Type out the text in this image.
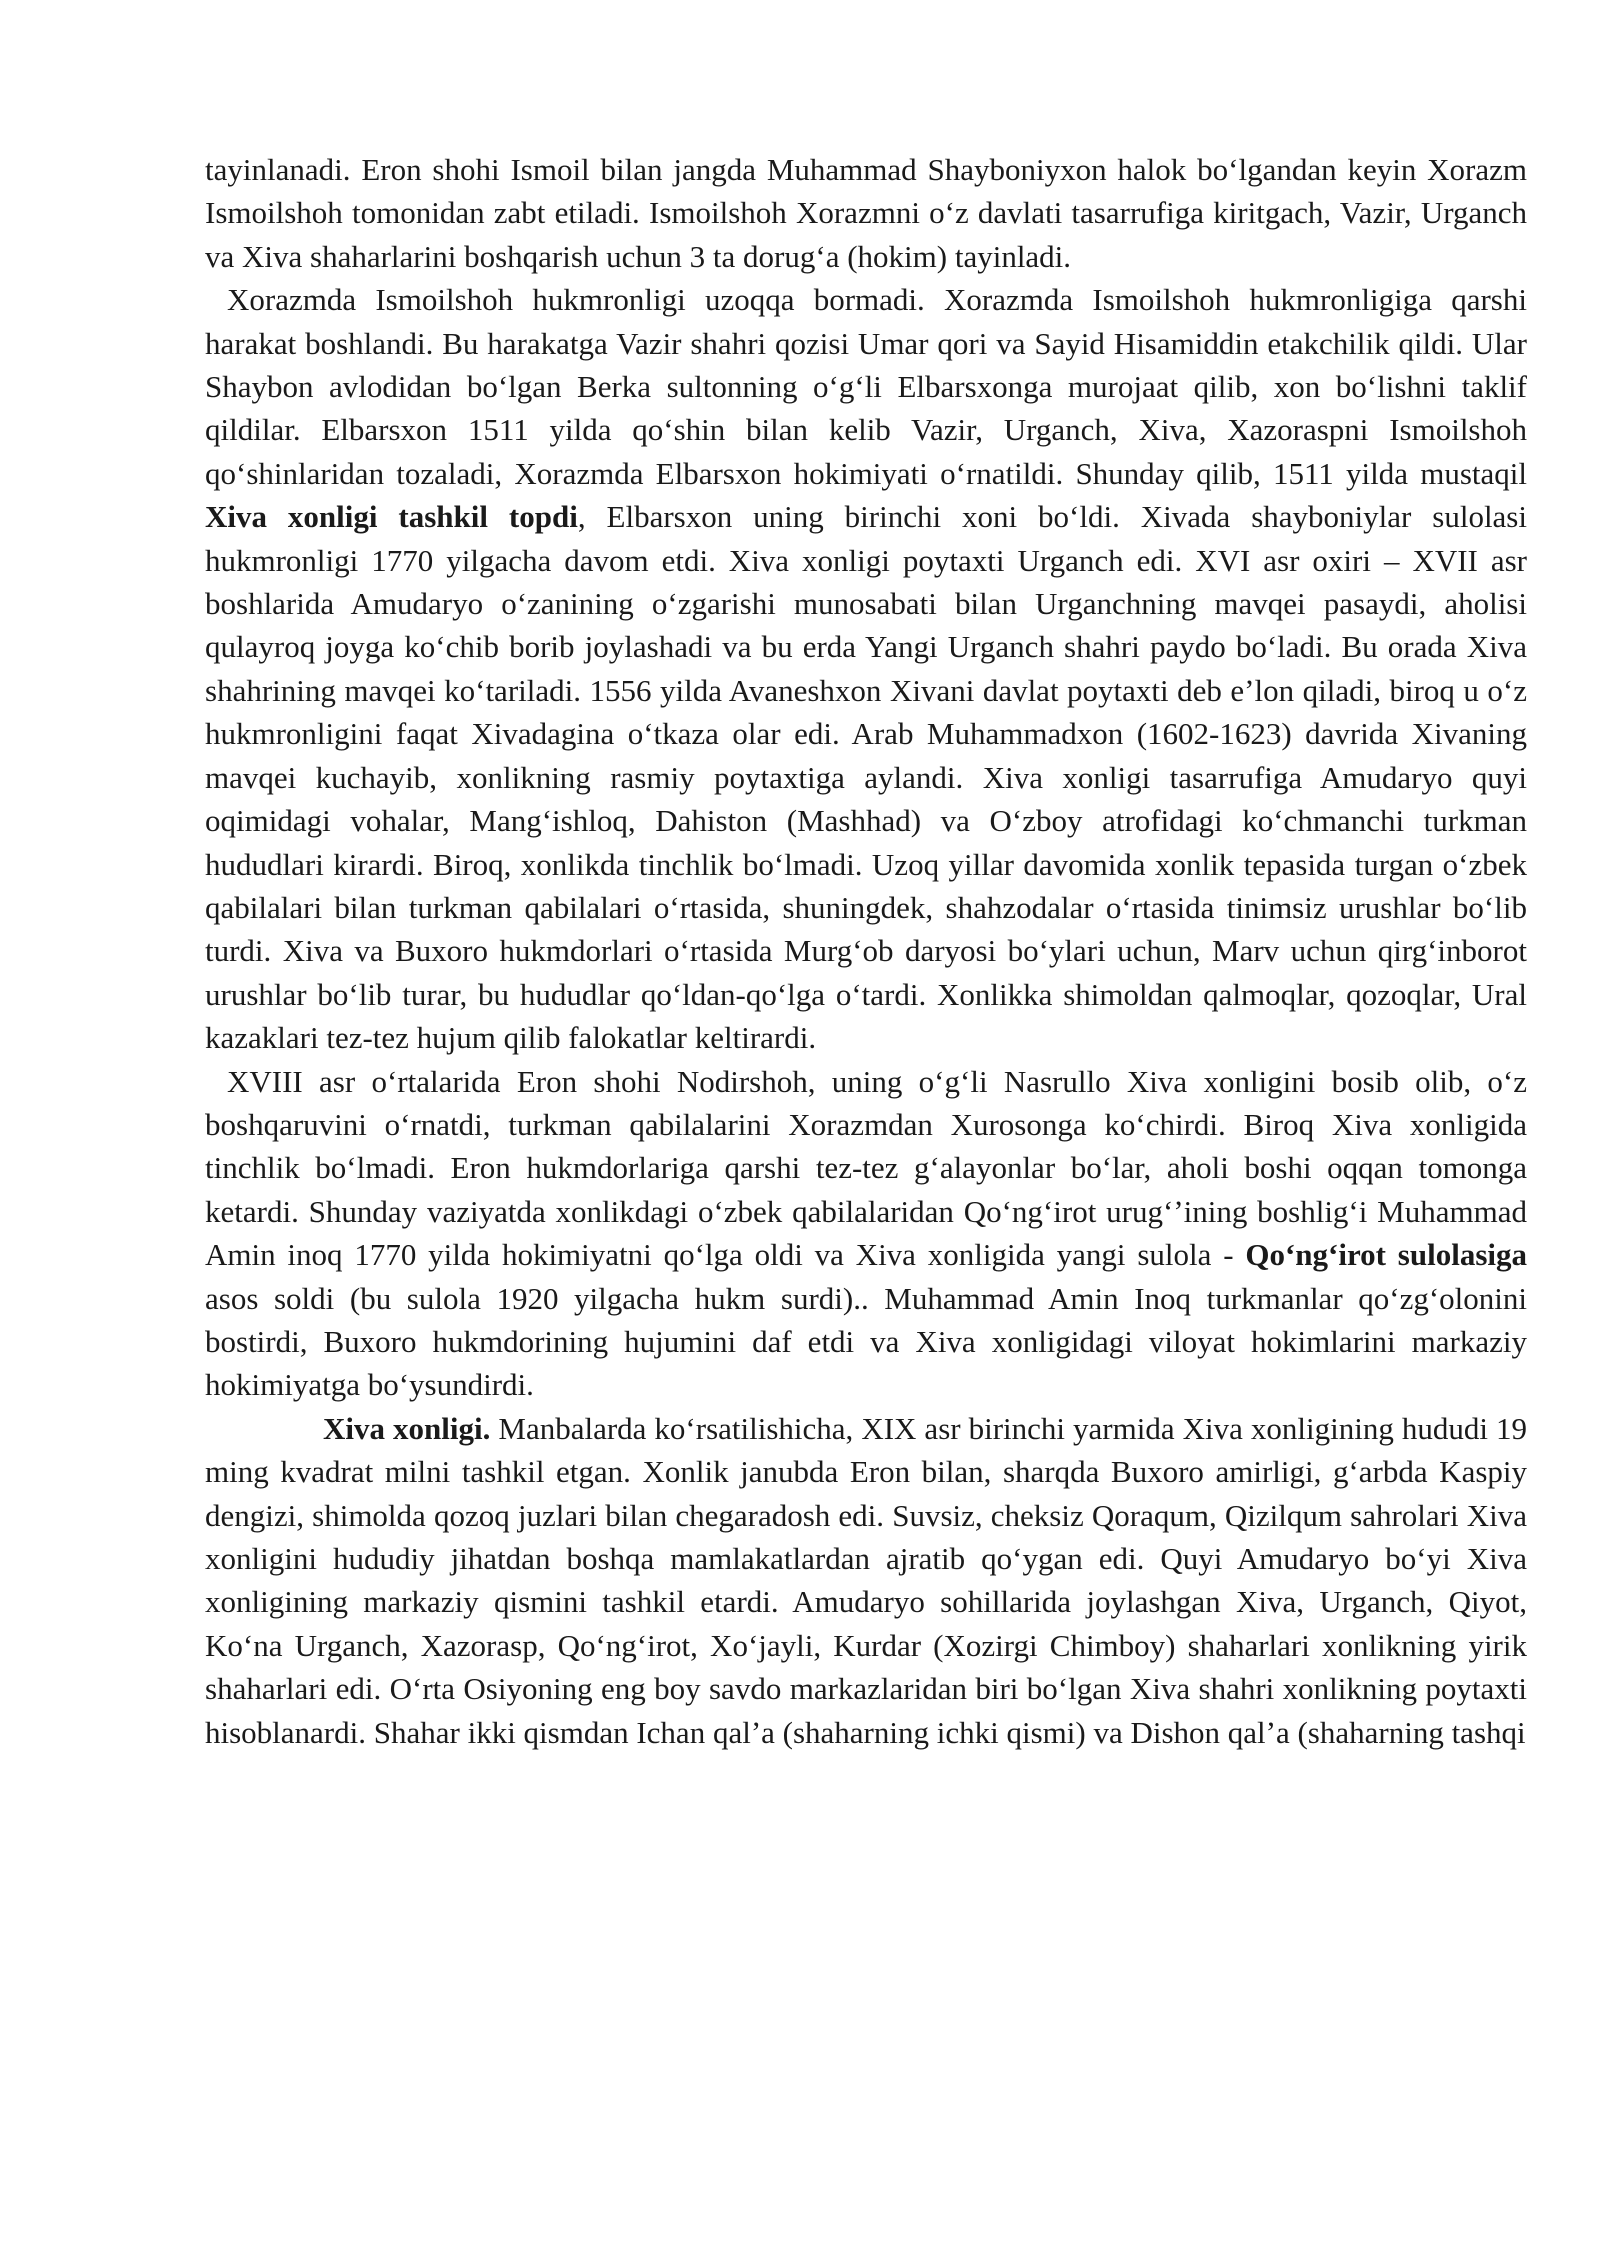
tayinlanadi. Eron shohi Ismoil bilan jangda Muhammad Shayboniyxon halok boʻlgandan keyin Xorazm Ismoilshoh tomonidan zabt etiladi. Ismoilshoh Xorazmni oʻz davlati tasarrufiga kiritgach, Vazir, Urganch va Xiva shaharlarini boshqarish uchun 3 ta dorugʻa (hokim) tayinladi.

Xorazmda Ismoilshoh hukmronligi uzoqqa bormadi. Xorazmda Ismoilshoh hukmronligiga qarshi harakat boshlandi. Bu harakatga Vazir shahri qozisi Umar qori va Sayid Hisamiddin etakchilik qildi. Ular Shaybon avlodidan boʻlgan Berka sultonning oʻgʻli Elbarsxonga murojaat qilib, xon boʻlishni taklif qildilar. Elbarsxon 1511 yilda qoʻshin bilan kelib Vazir, Urganch, Xiva, Xazoraspni Ismoilshoh qoʻshinlaridan tozaladi, Xorazmda Elbarsxon hokimiyati oʻrnatildi. Shunday qilib, 1511 yilda mustaqil Xiva xonligi tashkil topdi, Elbarsxon uning birinchi xoni boʻldi. Xivada shayboniylar sulolasi hukmronligi 1770 yilgacha davom etdi. Xiva xonligi poytaxti Urganch edi. XVI asr oxiri – XVII asr boshlarida Amudaryo oʻzanining oʻzgarishi munosabati bilan Urganchning mavqei pasaydi, aholisi qulayroq joyga koʻchib borib joylashadi va bu erda Yangi Urganch shahri paydo boʻladi. Bu orada Xiva shahrining mavqei koʻtariladi. 1556 yilda Avaneshxon Xivani davlat poytaxti deb eʼlon qiladi, biroq u oʻz hukmronligini faqat Xivadagina oʻtkaza olar edi. Arab Muhammadxon (1602-1623) davrida Xivaning mavqei kuchayib, xonlikning rasmiy poytaxtiga aylandi. Xiva xonligi tasarrufiga Amudaryo quyi oqimidagi vohalar, Mangʻishloq, Dahiston (Mashhad) va Oʻzboy atrofidagi koʻchmanchi turkman hududlari kirardi. Biroq, xonlikda tinchlik boʻlmadi. Uzoq yillar davomida xonlik tepasida turgan oʻzbek qabilalari bilan turkman qabilalari oʻrtasida, shuningdek, shahzodalar oʻrtasida tinimsiz urushlar boʻlib turdi. Xiva va Buxoro hukmdorlari oʻrtasida Murgʻob daryosi boʻylari uchun, Marv uchun qirgʻinborot urushlar boʻlib turar, bu hududlar qoʻldan-qoʻlga oʻtardi. Xonlikka shimoldan qalmoqlar, qozoqlar, Ural kazaklari tez-tez hujum qilib falokatlar keltirardi.

XVIII asr oʻrtalarida Eron shohi Nodirshoh, uning oʻgʻli Nasrullo Xiva xonligini bosib olib, oʻz boshqaruvini oʻrnatdi, turkman qabilalarini Xorazmdan Xurosonga koʻchirdi. Biroq Xiva xonligida tinchlik boʻlmadi. Eron hukmdorlariga qarshi tez-tez gʻalayonlar boʻlar, aholi boshi oqqan tomonga ketardi. Shunday vaziyatda xonlikdagi oʻzbek qabilalaridan Qoʻngʻirot urugʻʼining boshligʻi Muhammad Amin inoq 1770 yilda hokimiyatni qoʻlga oldi va Xiva xonligida yangi sulola - Qoʻngʻirot sulolasiga asos soldi (bu sulola 1920 yilgacha hukm surdi).. Muhammad Amin Inoq turkmanlar qoʻzgʻolonini bostirdi, Buxoro hukmdorining hujumini daf etdi va Xiva xonligidagi viloyat hokimlarini markaziy hokimiyatga boʻysundirdi.

Xiva xonligi. Manbalarda koʻrsatilishicha, XIX asr birinchi yarmida Xiva xonligining hududi 19 ming kvadrat milni tashkil etgan. Xonlik janubda Eron bilan, sharqda Buxoro amirligi, gʻarbda Kaspiy dengizi, shimolda qozoq juzlari bilan chegaradosh edi. Suvsiz, cheksiz Qoraqum, Qizilqum sahrolari Xiva xonligini hududiy jihatdan boshqa mamlakatlardan ajratib qoʻygan edi. Quyi Amudaryo boʻyi Xiva xonligining markaziy qismini tashkil etardi. Amudaryo sohillarida joylashgan Xiva, Urganch, Qiyot, Koʻna Urganch, Xazorasp, Qoʻngʻirot, Xoʻjayli, Kurdar (Xozirgi Chimboy) shaharlari xonlikning yirik shaharlari edi. Oʻrta Osiyoning eng boy savdo markazlaridan biri boʻlgan Xiva shahri xonlikning poytaxti hisoblanardi. Shahar ikki qismdan Ichan qalʼa (shaharning ichki qismi) va Dishon qalʼa (shaharning tashqi
